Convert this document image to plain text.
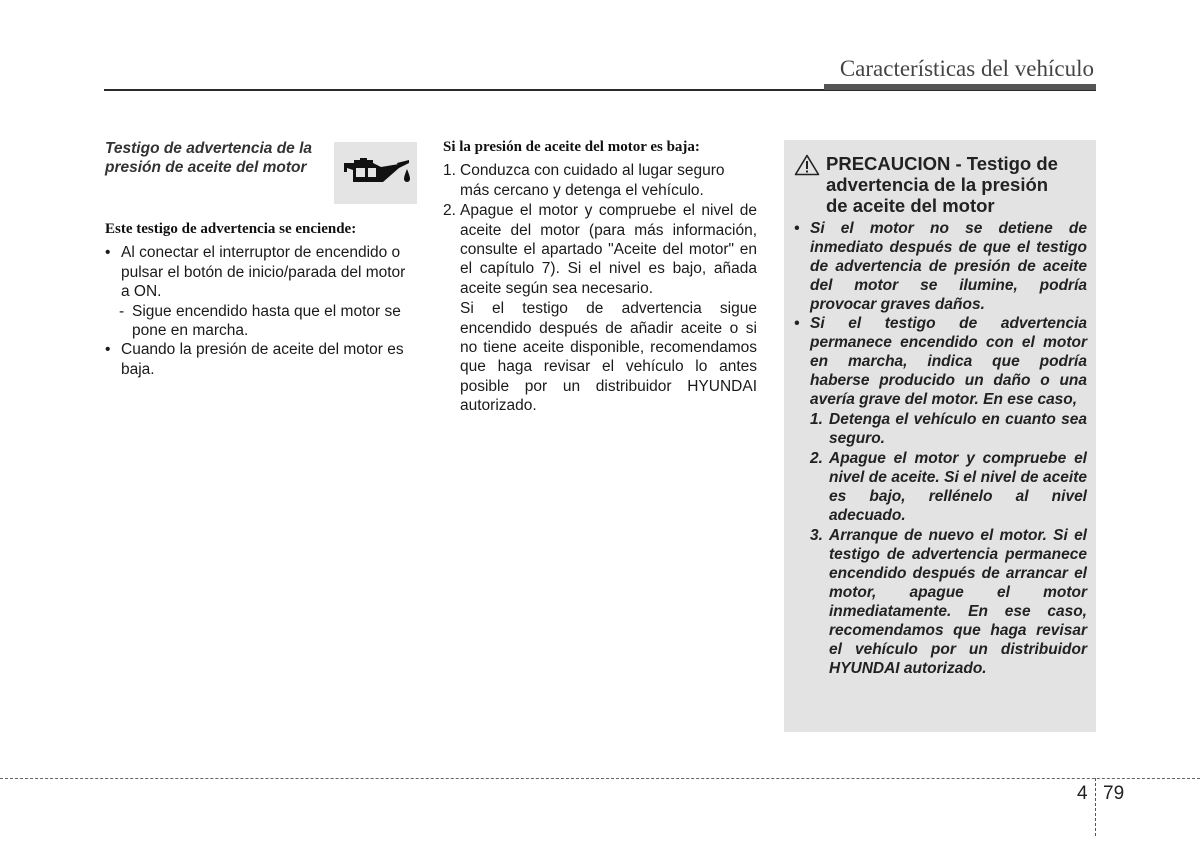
Características del vehículo
Testigo de advertencia de la presión de aceite del motor
Este testigo de advertencia se enciende:
• Al conectar el interruptor de encendido o pulsar el botón de inicio/parada del motor a ON.
- Sigue encendido hasta que el motor se pone en marcha.
• Cuando la presión de aceite del motor es baja.
Si la presión de aceite del motor es baja:
1. Conduzca con cuidado al lugar seguro más cercano y detenga el vehículo.
2. Apague el motor y compruebe el nivel de aceite del motor (para más información, consulte el apartado "Aceite del motor" en el capítulo 7). Si el nivel es bajo, añada aceite según sea necesario.
Si el testigo de advertencia sigue encendido después de añadir aceite o si no tiene aceite disponible, recomendamos que haga revisar el vehículo lo antes posible por un distribuidor HYUNDAI autorizado.
PRECAUCION - Testigo de
advertencia de la presión
de aceite del motor
• Si el motor no se detiene de inmediato después de que el testigo de advertencia de presión de aceite del motor se ilumine, podría provocar graves daños.
• Si el testigo de advertencia permanece encendido con el motor en marcha, indica que podría haberse producido un daño o una avería grave del motor. En ese caso,
1. Detenga el vehículo en cuanto sea seguro.
2. Apague el motor y compruebe el nivel de aceite. Si el nivel de aceite es bajo, rellénelo al nivel adecuado.
3. Arranque de nuevo el motor. Si el testigo de advertencia permanece encendido después de arrancar el motor, apague el motor inmediatamente. En ese caso, recomendamos que haga revisar el vehículo por un distribuidor HYUNDAI autorizado.
4 79
